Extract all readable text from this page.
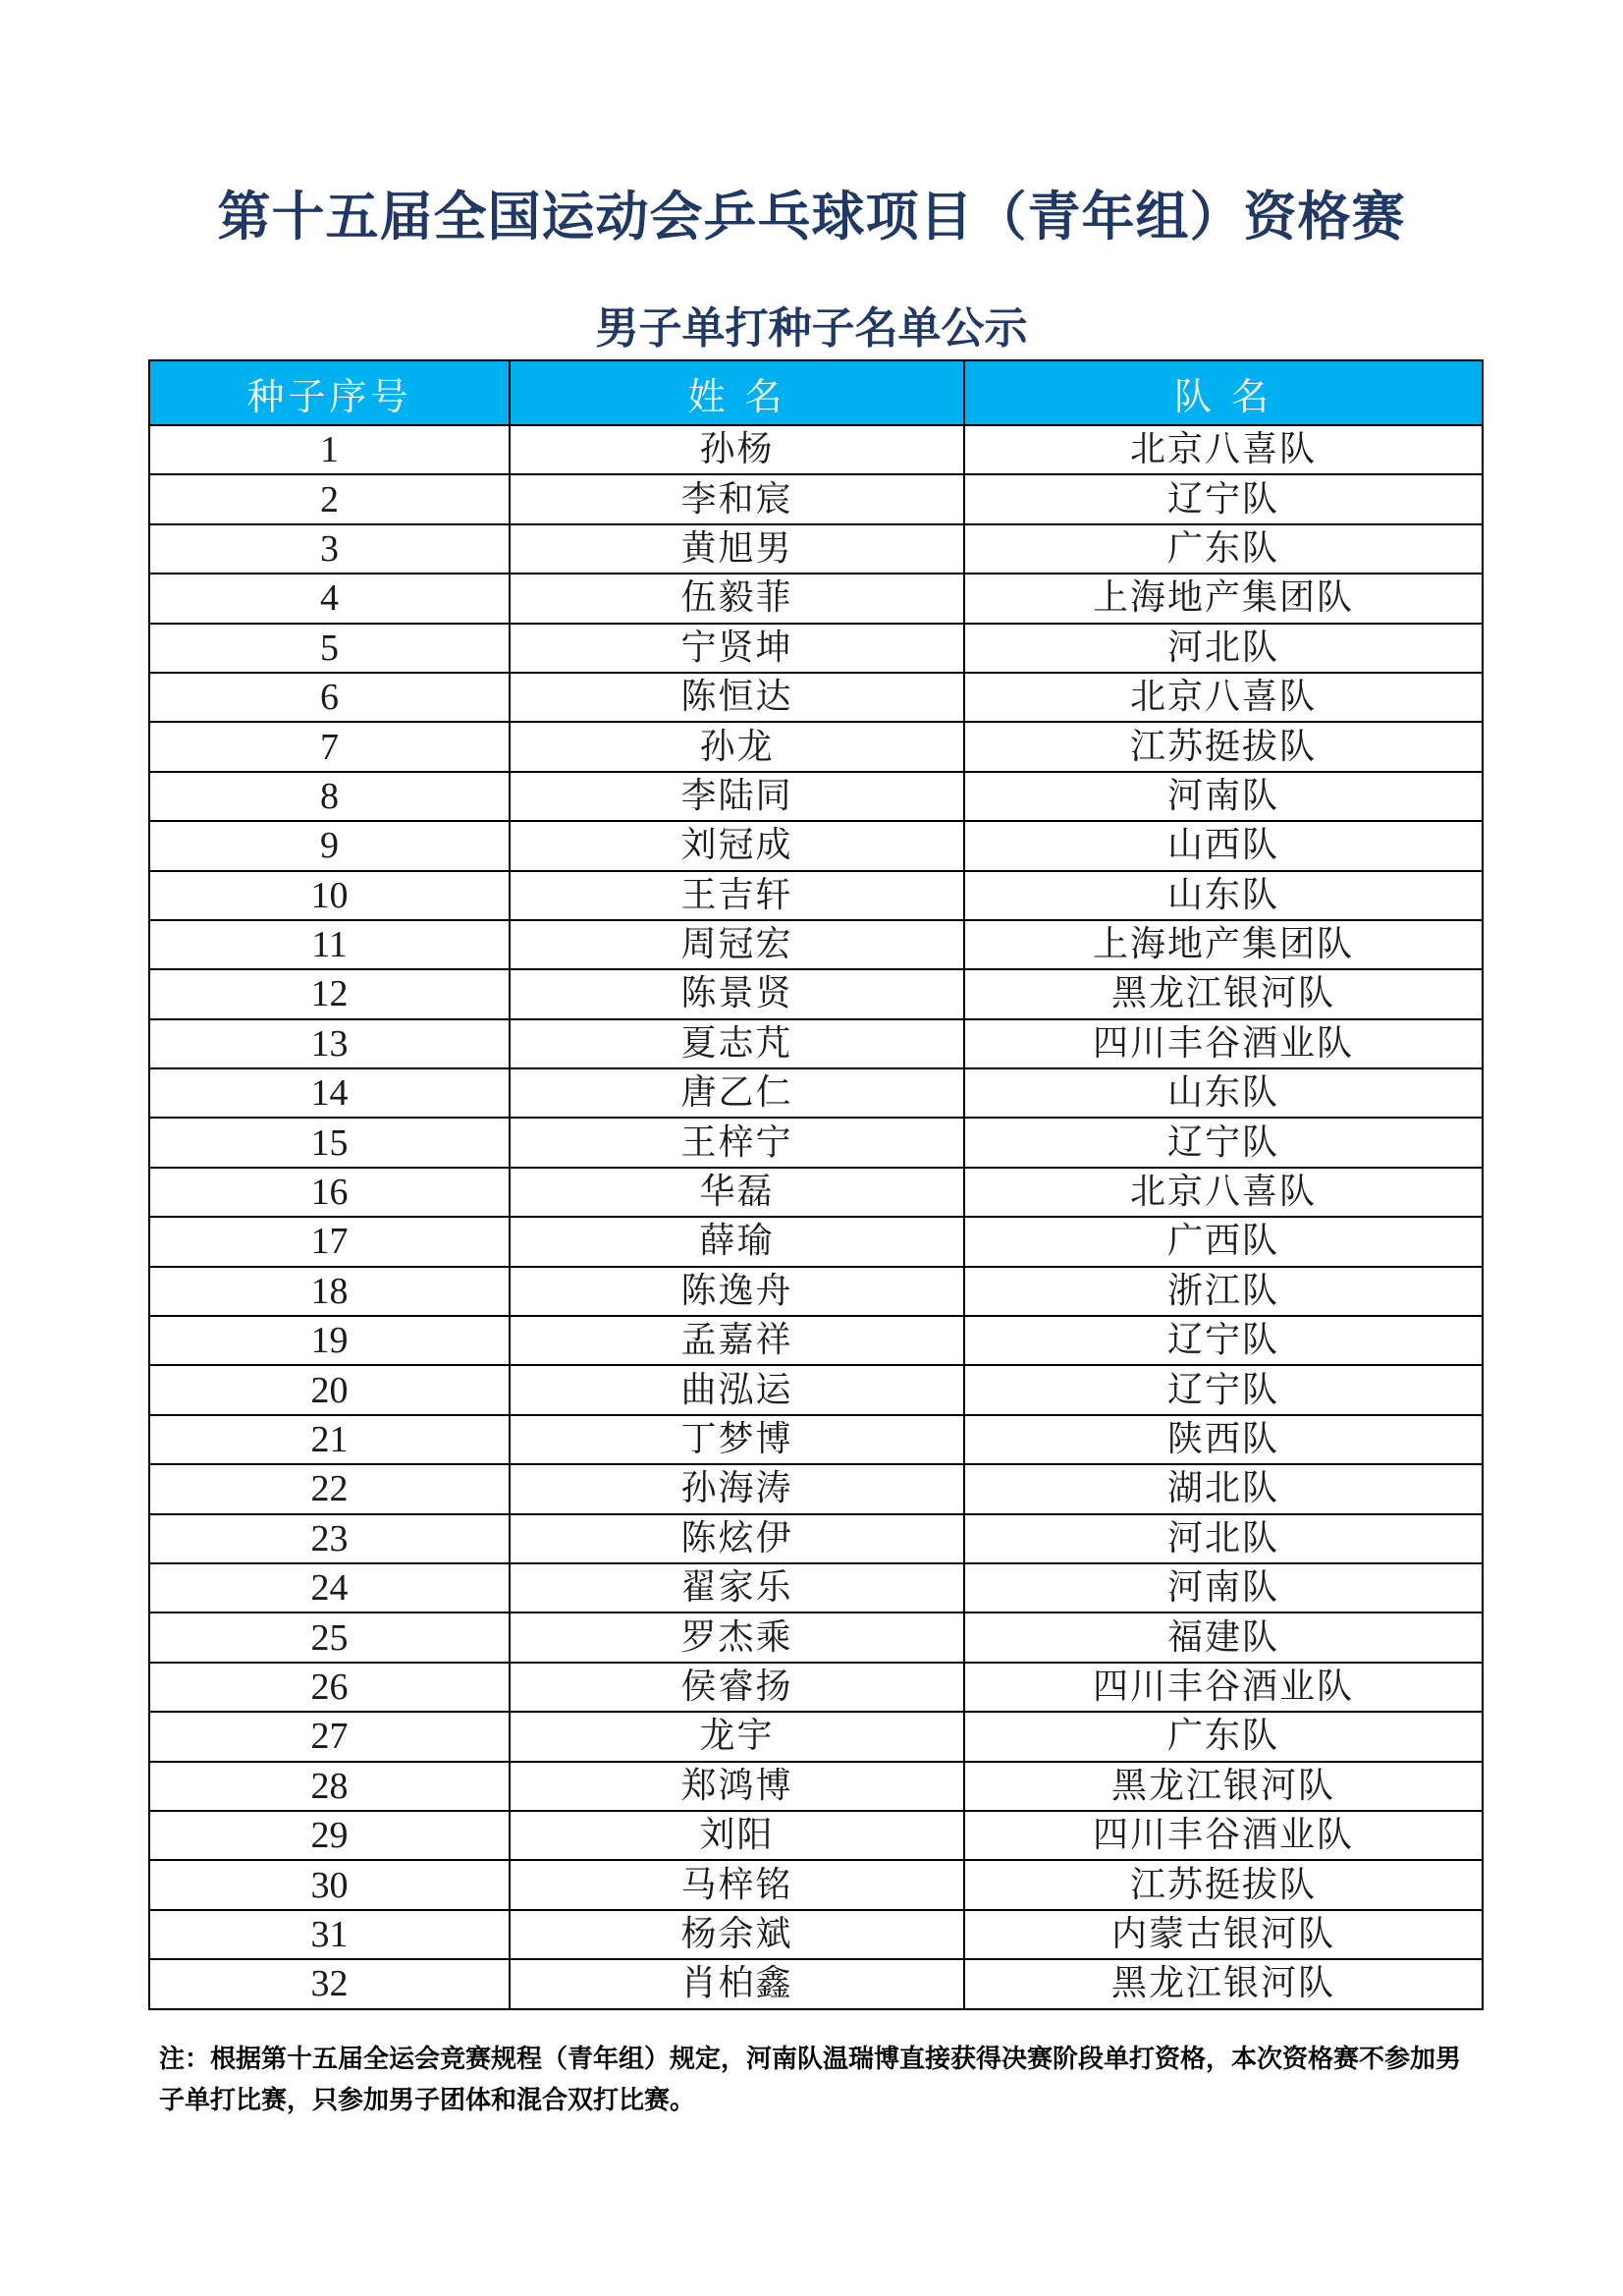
第十五届全国运动会乒乓球项目（青年组）资格赛
男子单打种子名单公示
种子序号	姓 名	队 名
1	孙杨	北京八喜队
2	李和宸	辽宁队
3	黄旭男	广东队
4	伍毅菲	上海地产集团队
5	宁贤坤	河北队
6	陈恒达	北京八喜队
7	孙龙	江苏挺拔队
8	李陆同	河南队
9	刘冠成	山西队
10	王吉轩	山东队
11	周冠宏	上海地产集团队
12	陈景贤	黑龙江银河队
13	夏志芃	四川丰谷酒业队
14	唐乙仁	山东队
15	王梓宁	辽宁队
16	华磊	北京八喜队
17	薛瑜	广西队
18	陈逸舟	浙江队
19	孟嘉祥	辽宁队
20	曲泓运	辽宁队
21	丁梦博	陕西队
22	孙海涛	湖北队
23	陈炫伊	河北队
24	翟家乐	河南队
25	罗杰乘	福建队
26	侯睿扬	四川丰谷酒业队
27	龙宇	广东队
28	郑鸿博	黑龙江银河队
29	刘阳	四川丰谷酒业队
30	马梓铭	江苏挺拔队
31	杨余斌	内蒙古银河队
32	肖柏鑫	黑龙江银河队
注：根据第十五届全运会竞赛规程（青年组）规定，河南队温瑞博直接获得决赛阶段单打资格，本次资格赛不参加男子单打比赛，只参加男子团体和混合双打比赛。
